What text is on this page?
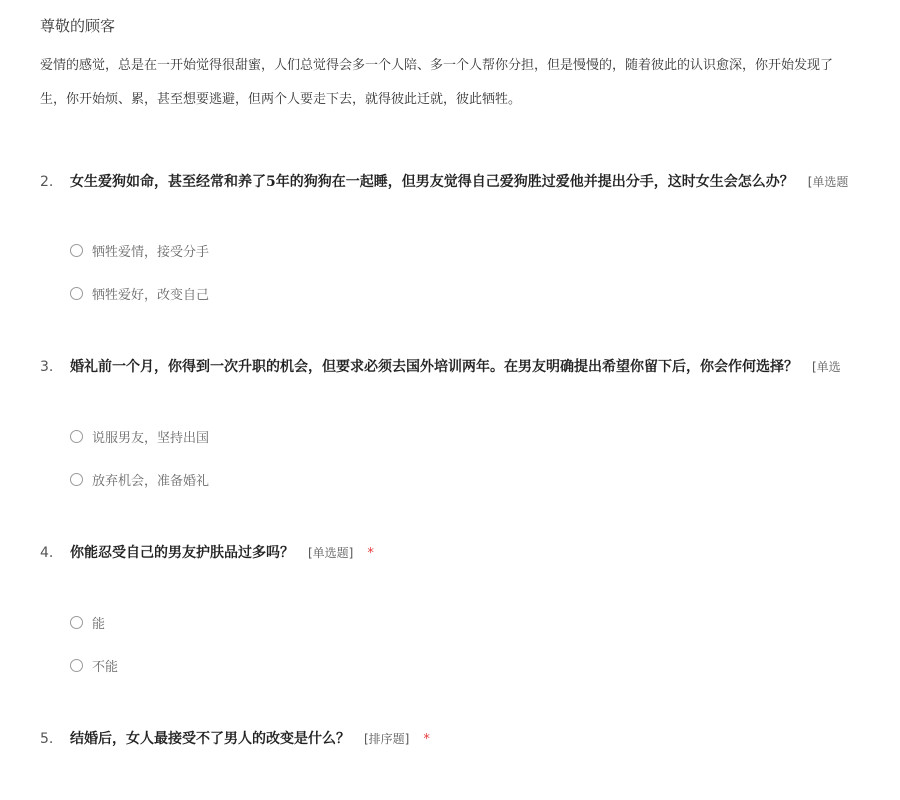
尊敬的顾客
爱情的感觉，总是在一开始觉得很甜蜜，人们总觉得会多一个人陪、多一个人帮你分担，但是慢慢的，随着彼此的认识愈深，你开始发现了
生，你开始烦、累，甚至想要逃避，但两个人要走下去，就得彼此迁就，彼此牺牲。
2. 女生爱狗如命，甚至经常和养了5年的狗狗在一起睡，但男友觉得自己爱狗胜过爱他并提出分手，这时女生会怎么办？ [单选题
牺牲爱情，接受分手
牺牲爱好，改变自己
3. 婚礼前一个月，你得到一次升职的机会，但要求必须去国外培训两年。在男友明确提出希望你留下后，你会作何选择？ [单选
说服男友，坚持出国
放弃机会，准备婚礼
4. 你能忍受自己的男友护肤品过多吗？ [单选题] *
能
不能
5. 结婚后，女人最接受不了男人的改变是什么？ [排序题] *
